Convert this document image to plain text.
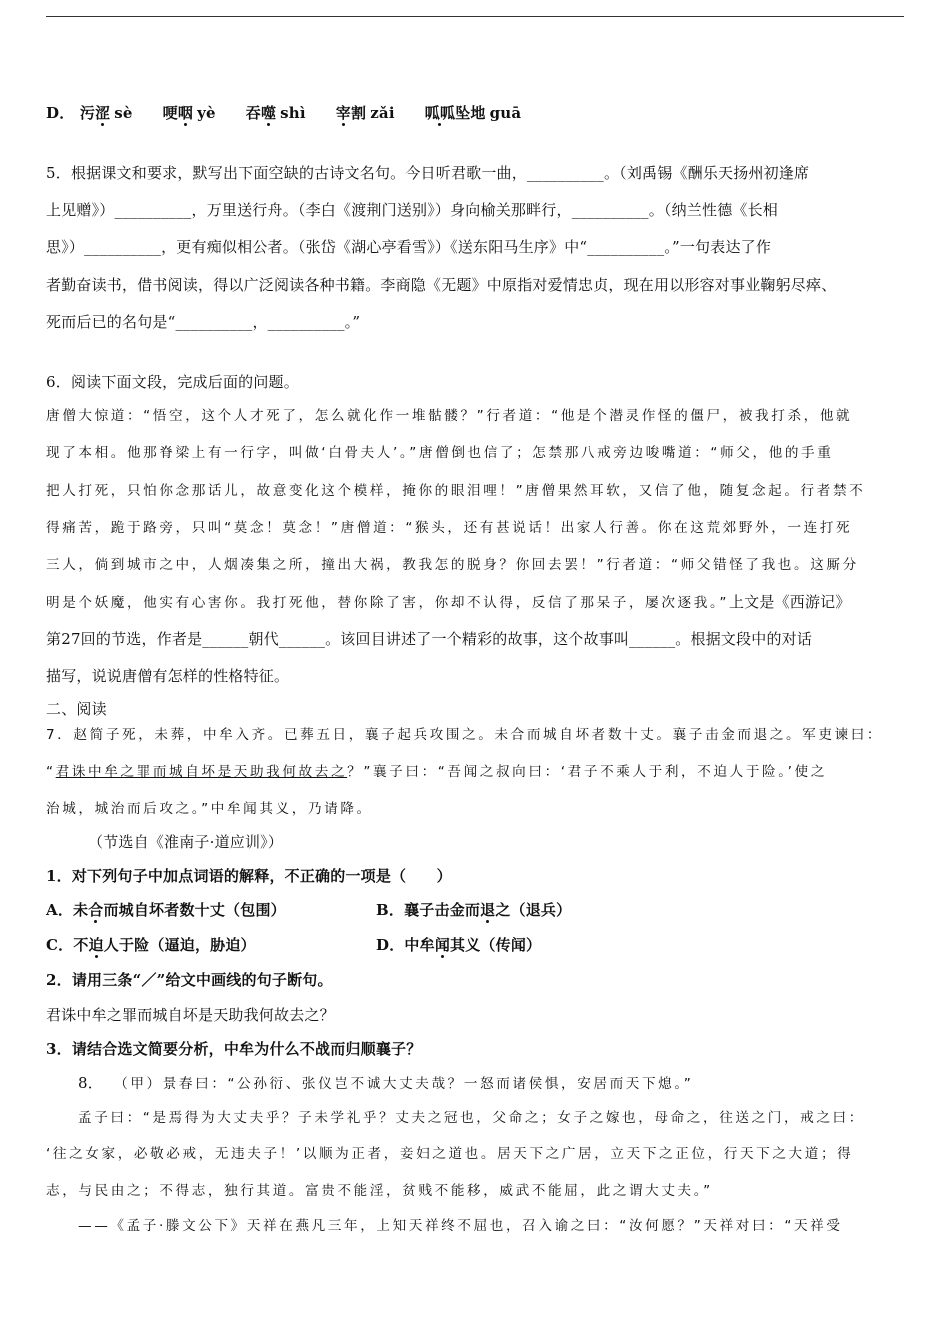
D． 污涩 sè 哽咽 yè 吞噬 shì 宰割 zǎi 呱呱坠地 guā
5．根据课文和要求，默写出下面空缺的古诗文名句。今日听君歌一曲，__________。（刘禹锡《酬乐天扬州初逢席
上见赠》）__________，万里送行舟。（李白《渡荆门送别》）身向榆关那畔行，__________。（纳兰性德《长相
思》）__________，更有痴似相公者。（张岱《湖心亭看雪》）《送东阳马生序》中“__________。”一句表达了作
者勤奋读书，借书阅读，得以广泛阅读各种书籍。李商隐《无题》中原指对爱情忠贞，现在用以形容对事业鞠躬尽瘁、
死而后已的名句是“__________，__________。”
6．阅读下面文段，完成后面的问题。
唐僧大惊道：“悟空，这个人才死了，怎么就化作一堆骷髅？”行者道：“他是个潜灵作怪的僵尸，被我打杀，他就
现了本相。他那脊梁上有一行字，叫做‘白骨夫人’。”唐僧倒也信了；怎禁那八戒旁边唆嘴道：“师父，他的手重
把人打死，只怕你念那话儿，故意变化这个模样，掩你的眼泪哩！”唐僧果然耳软，又信了他，随复念起。行者禁不
得痛苦，跪于路旁，只叫“莫念！莫念！”唐僧道：“猴头，还有甚说话！出家人行善。你在这荒郊野外，一连打死
三人，倘到城市之中，人烟凑集之所，撞出大祸，教我怎的脱身？你回去罢！”行者道：“师父错怪了我也。这厮分
明是个妖魔，他实有心害你。我打死他，替你除了害，你却不认得，反信了那呆子，屡次逐我。”上文是《西游记》
第27回的节选，作者是______朝代______。该回目讲述了一个精彩的故事，这个故事叫______。根据文段中的对话
描写，说说唐僧有怎样的性格特征。
二、阅读
7．赵简子死，未葬，中牟入齐。已葬五日，襄子起兵攻围之。未合而城自坏者数十丈。襄子击金而退之。军吏谏曰：
“君诛中牟之罪而城自坏是天助我何故去之？”襄子曰：“吾闻之叔向曰：‘君子不乘人于利，不迫人于险。’使之
治城，城治而后攻之。”中牟闻其义，乃请降。
（节选自《淮南子·道应训》）
1．对下列句子中加点词语的解释，不正确的一项是（　　）
A．未合而城自坏者数十丈（包围）	B．襄子击金而退之（退兵）
C．不迫人于险（逼迫，胁迫）	D．中牟闻其义（传闻）
2．请用三条“／”给文中画线的句子断句。
君诛中牟之罪而城自坏是天助我何故去之？
3．请结合选文简要分析，中牟为什么不战而归顺襄子？
8． （甲）景春曰：“公孙衍、张仪岂不诚大丈夫哉？一怒而诸侯惧，安居而天下熄。”
孟子曰：“是焉得为大丈夫乎？子未学礼乎？丈夫之冠也，父命之；女子之嫁也，母命之，往送之门，戒之曰：
‘往之女家，必敬必戒，无违夫子！’以顺为正者，妾妇之道也。居天下之广居，立天下之正位，行天下之大道；得
志，与民由之；不得志，独行其道。富贵不能淫，贫贱不能移，威武不能屈，此之谓大丈夫。”
——《孟子·滕文公下》天祥在燕凡三年，上知天祥终不屈也，召入谕之曰：“汝何愿？”天祥对曰：“天祥受
